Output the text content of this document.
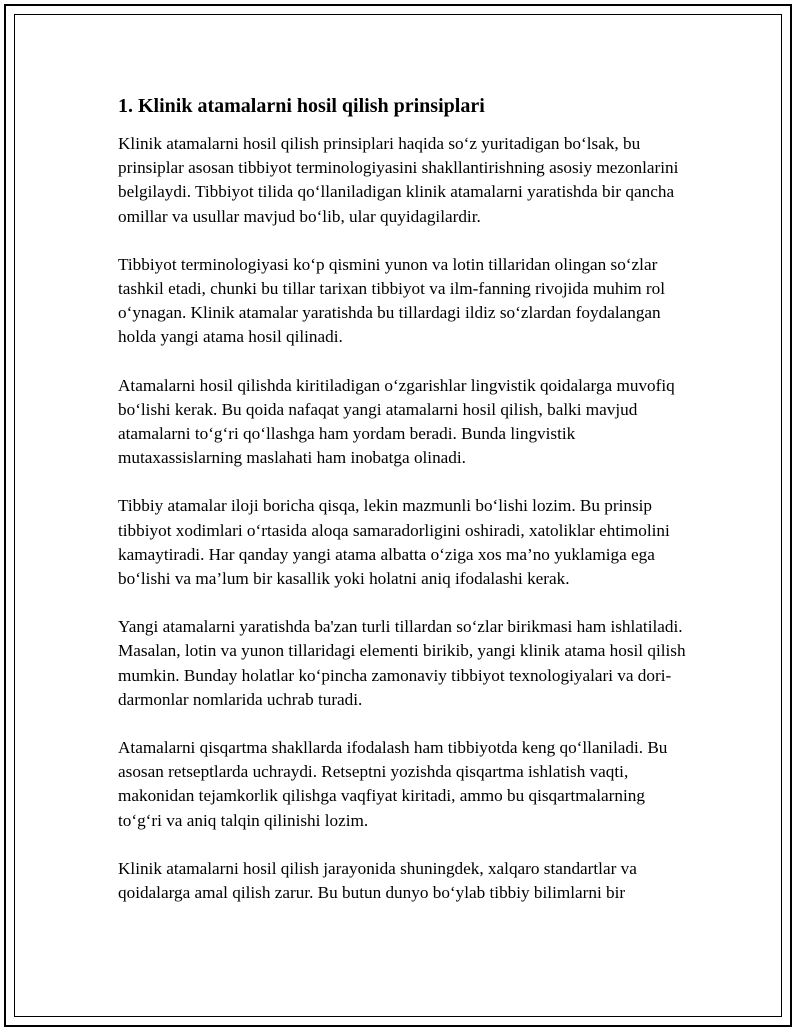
1. Klinik atamalarni hosil qilish prinsiplari

Klinik atamalarni hosil qilish prinsiplari haqida so‘z yuritadigan bo‘lsak, bu prinsiplar asosan tibbiyot terminologiyasini shakllantirishning asosiy mezonlarini belgilaydi. Tibbiyot tilida qo‘llaniladigan klinik atamalarni yaratishda bir qancha omillar va usullar mavjud bo‘lib, ular quyidagilardir.

Tibbiyot terminologiyasi ko‘p qismini yunon va lotin tillaridan olingan so‘zlar tashkil etadi, chunki bu tillar tarixan tibbiyot va ilm-fanning rivojida muhim rol o‘ynagan. Klinik atamalar yaratishda bu tillardagi ildiz so‘zlardan foydalangan holda yangi atama hosil qilinadi.

Atamalarni hosil qilishda kiritiladigan o‘zgarishlar lingvistik qoidalarga muvofiq bo‘lishi kerak. Bu qoida nafaqat yangi atamalarni hosil qilish, balki mavjud atamalarni to‘g‘ri qo‘llashga ham yordam beradi. Bunda lingvistik mutaxassislarning maslahati ham inobatga olinadi.

Tibbiy atamalar iloji boricha qisqa, lekin mazmunli bo‘lishi lozim. Bu prinsip tibbiyot xodimlari o‘rtasida aloqa samaradorligini oshiradi, xatoliklar ehtimolini kamaytiradi. Har qanday yangi atama albatta o‘ziga xos ma’no yuklamiga ega bo‘lishi va ma’lum bir kasallik yoki holatni aniq ifodalashi kerak.

Yangi atamalarni yaratishda ba'zan turli tillardan so‘zlar birikmasi ham ishlatiladi. Masalan, lotin va yunon tillaridagi elementi birikib, yangi klinik atama hosil qilish mumkin. Bunday holatlar ko‘pincha zamonaviy tibbiyot texnologiyalari va dori-darmonlar nomlarida uchrab turadi.

Atamalarni qisqartma shakllarda ifodalash ham tibbiyotda keng qo‘llaniladi. Bu asosan retseptlarda uchraydi. Retseptni yozishda qisqartma ishlatish vaqti, makonidan tejamkorlik qilishga vaqfiyat kiritadi, ammo bu qisqartmalarning to‘g‘ri va aniq talqin qilinishi lozim.

Klinik atamalarni hosil qilish jarayonida shuningdek, xalqaro standartlar va qoidalarga amal qilish zarur. Bu butun dunyo bo‘ylab tibbiy bilimlarni bir
